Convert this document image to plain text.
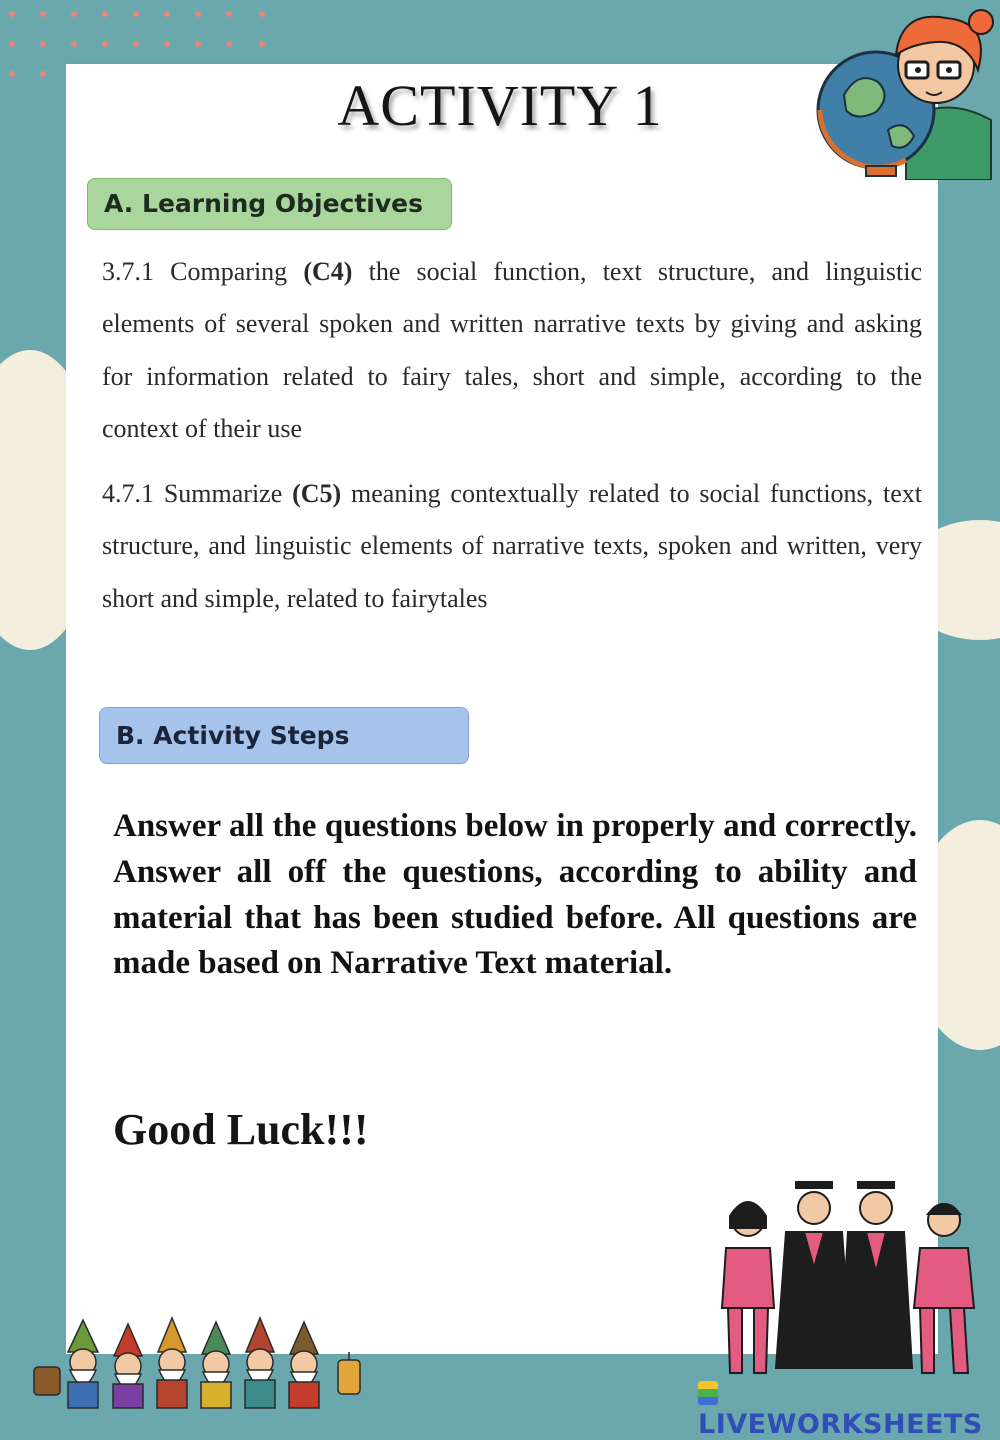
ACTIVITY 1
A. Learning Objectives
3.7.1 Comparing (C4) the social function, text structure, and linguistic elements of several spoken and written narrative texts by giving and asking for information related to fairy tales, short and simple, according to the context of their use
4.7.1 Summarize (C5) meaning contextually related to social functions, text structure, and linguistic elements of narrative texts, spoken and written, very short and simple, related to fairytales
B. Activity Steps
Answer all the questions below in properly and correctly. Answer all off the questions, according to ability and material that has been studied before. All questions are made based on Narrative Text material.
Good Luck!!!
LIVEWORKSHEETS
